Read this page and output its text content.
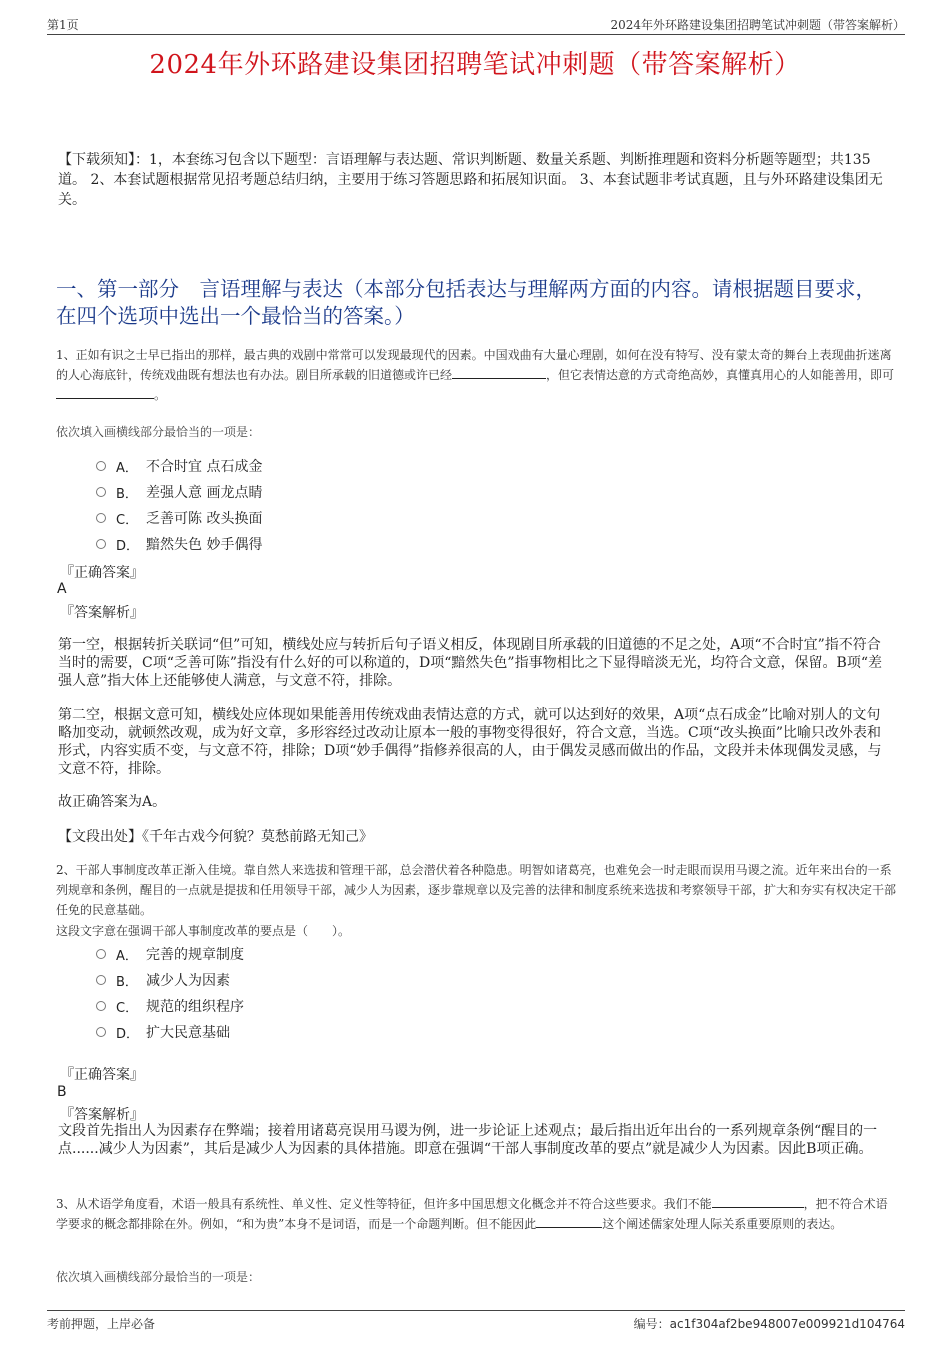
第1页	2024年外环路建设集团招聘笔试冲刺题（带答案解析）
2024年外环路建设集团招聘笔试冲刺题（带答案解析）
【下载须知】：1，本套练习包含以下题型：言语理解与表达题、常识判断题、数量关系题、判断推理题和资料分析题等题型；共135道。 2、本套试题根据常见招考题总结归纳，主要用于练习答题思路和拓展知识面。 3、本套试题非考试真题，且与外环路建设集团无关。
一、第一部分　言语理解与表达（本部分包括表达与理解两方面的内容。请根据题目要求，在四个选项中选出一个最恰当的答案。）
1、正如有识之士早已指出的那样，最古典的戏剧中常常可以发现最现代的因素。中国戏曲有大量心理剧，如何在没有特写、没有蒙太奇的舞台上表现曲折迷离的人心海底针，传统戏曲既有想法也有办法。剧目所承载的旧道德或许已经	，但它表情达意的方式奇绝高妙，真懂真用心的人如能善用，即可。
依次填入画横线部分最恰当的一项是：
A． 不合时宜 点石成金
B． 差强人意 画龙点睛
C． 乏善可陈 改头换面
D． 黯然失色 妙手偶得
『正确答案』
A
『答案解析』
第一空，根据转折关联词“但”可知，横线处应与转折后句子语义相反，体现剧目所承载的旧道德的不足之处，A项“不合时宜”指不符合当时的需要，C项“乏善可陈”指没有什么好的可以称道的，D项“黯然失色”指事物相比之下显得暗淡无光，均符合文意，保留。B项“差强人意”指大体上还能够使人满意，与文意不符，排除。
第二空，根据文意可知，横线处应体现如果能善用传统戏曲表情达意的方式，就可以达到好的效果，A项“点石成金”比喻对别人的文句略加变动，就顿然改观，成为好文章，多形容经过改动让原本一般的事物变得很好，符合文意，当选。C项“改头换面”比喻只改外表和形式，内容实质不变，与文意不符，排除；D项“妙手偶得”指修养很高的人，由于偶发灵感而做出的作品，文段并未体现偶发灵感，与文意不符，排除。
故正确答案为A。
【文段出处】《千年古戏今何貌？莫愁前路无知己》
2、干部人事制度改革正渐入佳境。靠自然人来选拔和管理干部，总会潜伏着各种隐患。明智如诸葛亮，也难免会一时走眼而误用马谡之流。近年来出台的一系列规章和条例，醒目的一点就是提拔和任用领导干部，减少人为因素，逐步靠规章以及完善的法律和制度系统来选拔和考察领导干部，扩大和夯实有权决定干部任免的民意基础。
这段文字意在强调干部人事制度改革的要点是（　　）。
A． 完善的规章制度
B． 减少人为因素
C． 规范的组织程序
D． 扩大民意基础
『正确答案』
B
『答案解析』
文段首先指出人为因素存在弊端；接着用诸葛亮误用马谡为例，进一步论证上述观点；最后指出近年出台的一系列规章条例“醒目的一点......减少人为因素”，其后是减少人为因素的具体措施。即意在强调“干部人事制度改革的要点”就是减少人为因素。因此B项正确。
3、从术语学角度看，术语一般具有系统性、单义性、定义性等特征，但许多中国思想文化概念并不符合这些要求。我们不能	，把不符合术语学要求的概念都排除在外。例如，“和为贵”本身不是词语，而是一个命题判断。但不能因此	这个阐述儒家处理人际关系重要原则的表达。
依次填入画横线部分最恰当的一项是：
考前押题，上岸必备	编号：ac1f304af2be948007e009921d104764
